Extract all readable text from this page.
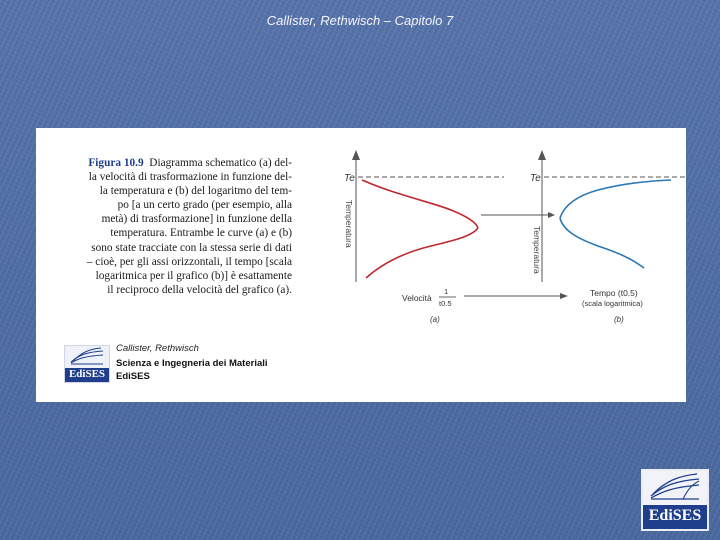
Callister, Rethwisch – Capitolo 7
Figura 10.9 Diagramma schematico (a) del-
la velocità di trasformazione in funzione del-
la temperatura e (b) del logaritmo del tem-
po [a un certo grado (per esempio, alla
metà) di trasformazione] in funzione della
temperatura. Entrambe le curve (a) e (b)
sono state tracciate con la stessa serie di dati
– cioè, per gli assi orizzontali, il tempo [scala
logaritmica per il grafico (b)] è esattamente
il reciproco della velocità del grafico (a).
Te
Temperatura
Velocità
1
t0.5
(a)
Te
Temperatura
Tempo (t0.5)
(scala logaritmica)
(b)
EdiSES
Callister, Rethwisch
Scienza e Ingegneria dei Materiali
EdiSES
EdiSES
